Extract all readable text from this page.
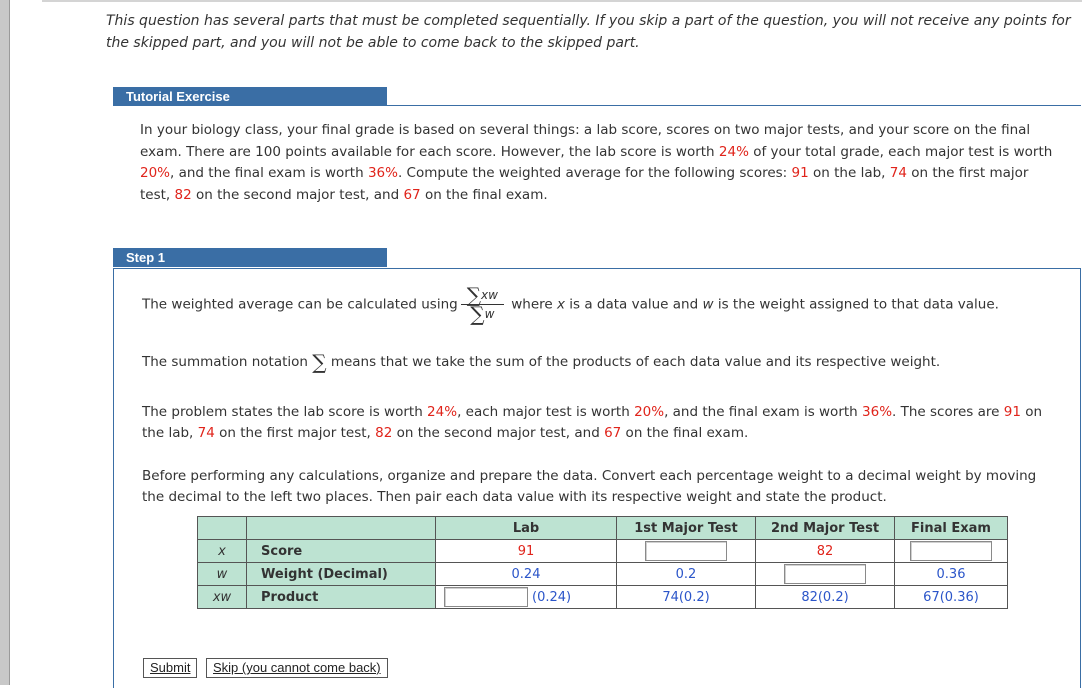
This question has several parts that must be completed sequentially. If you skip a part of the question, you will not receive any points for the skipped part, and you will not be able to come back to the skipped part.
Tutorial Exercise
In your biology class, your final grade is based on several things: a lab score, scores on two major tests, and your score on the final exam. There are 100 points available for each score. However, the lab score is worth 24% of your total grade, each major test is worth 20%, and the final exam is worth 36%. Compute the weighted average for the following scores: 91 on the lab, 74 on the first major test, 82 on the second major test, and 67 on the final exam.
Step 1
The weighted average can be calculated using $\frac{\sum xw}{\sum w}$ where x is a data value and w is the weight assigned to that data value.
The summation notation ∑ means that we take the sum of the products of each data value and its respective weight.
The problem states the lab score is worth 24%, each major test is worth 20%, and the final exam is worth 36%. The scores are 91 on the lab, 74 on the first major test, 82 on the second major test, and 67 on the final exam.
Before performing any calculations, organize and prepare the data. Convert each percentage weight to a decimal weight by moving the decimal to the left two places. Then pair each data value with its respective weight and state the product.
		Lab	1st Major Test	2nd Major Test	Final Exam
x	Score	91		82	
w	Weight (Decimal)	0.24	0.2		0.36
xw	Product	(0.24)	74(0.2)	82(0.2)	67(0.36)
Submit	Skip (you cannot come back)
